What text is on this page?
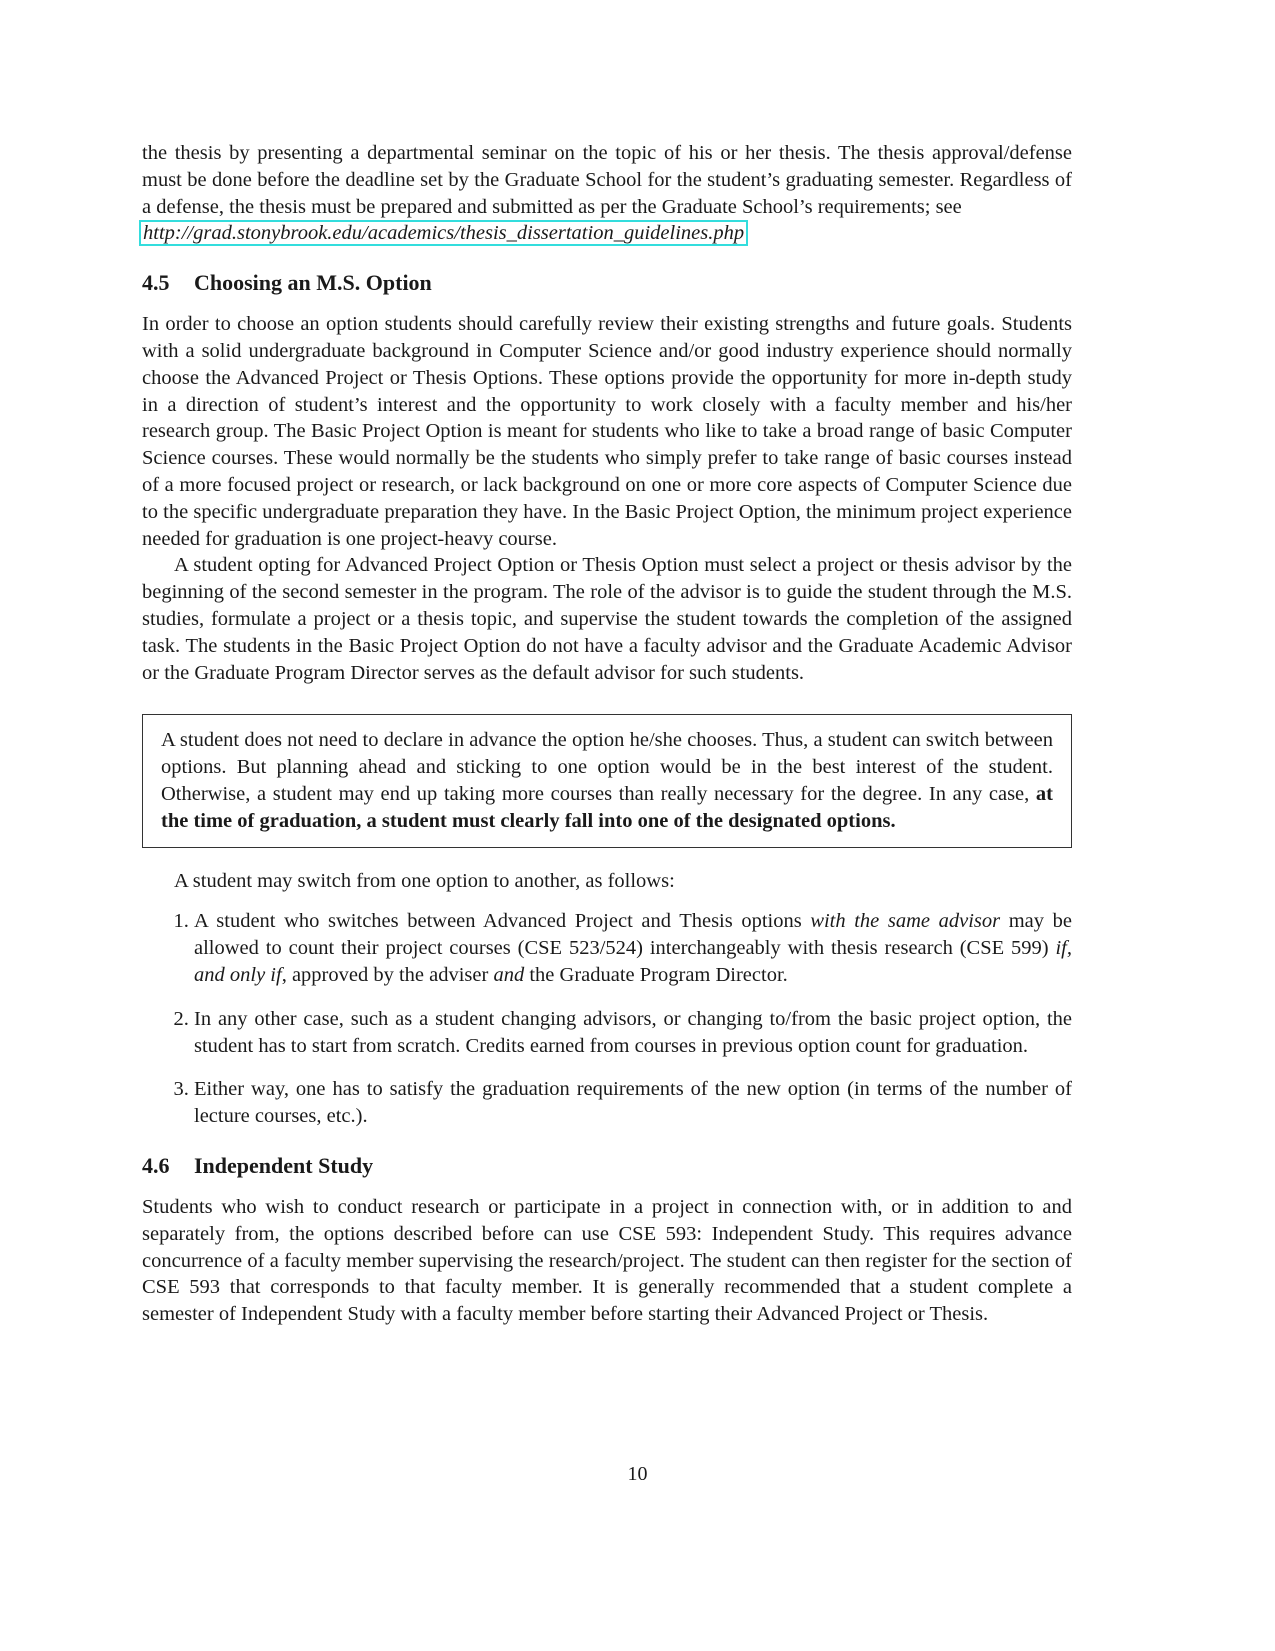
the thesis by presenting a departmental seminar on the topic of his or her thesis. The thesis approval/defense must be done before the deadline set by the Graduate School for the student’s graduating semester. Regardless of a defense, the thesis must be prepared and submitted as per the Graduate School’s requirements; see
http://grad.stonybrook.edu/academics/thesis_dissertation_guidelines.php

4.5 Choosing an M.S. Option

In order to choose an option students should carefully review their existing strengths and future goals. Students with a solid undergraduate background in Computer Science and/or good industry experience should normally choose the Advanced Project or Thesis Options. These options provide the opportunity for more in-depth study in a direction of student’s interest and the opportunity to work closely with a faculty member and his/her research group. The Basic Project Option is meant for students who like to take a broad range of basic Computer Science courses. These would normally be the students who simply prefer to take range of basic courses instead of a more focused project or research, or lack background on one or more core aspects of Computer Science due to the specific undergraduate preparation they have. In the Basic Project Option, the minimum project experience needed for graduation is one project-heavy course.

A student opting for Advanced Project Option or Thesis Option must select a project or thesis advisor by the beginning of the second semester in the program. The role of the advisor is to guide the student through the M.S. studies, formulate a project or a thesis topic, and supervise the student towards the completion of the assigned task. The students in the Basic Project Option do not have a faculty advisor and the Graduate Academic Advisor or the Graduate Program Director serves as the default advisor for such students.

A student does not need to declare in advance the option he/she chooses. Thus, a student can switch between options. But planning ahead and sticking to one option would be in the best interest of the student. Otherwise, a student may end up taking more courses than really necessary for the degree. In any case, at the time of graduation, a student must clearly fall into one of the designated options.

A student may switch from one option to another, as follows:

1. A student who switches between Advanced Project and Thesis options with the same advisor may be allowed to count their project courses (CSE 523/524) interchangeably with thesis research (CSE 599) if, and only if, approved by the adviser and the Graduate Program Director.
2. In any other case, such as a student changing advisors, or changing to/from the basic project option, the student has to start from scratch. Credits earned from courses in previous option count for graduation.
3. Either way, one has to satisfy the graduation requirements of the new option (in terms of the number of lecture courses, etc.).
4.6 Independent Study

Students who wish to conduct research or participate in a project in connection with, or in addition to and separately from, the options described before can use CSE 593: Independent Study. This requires advance concurrence of a faculty member supervising the research/project. The student can then register for the section of CSE 593 that corresponds to that faculty member. It is generally recommended that a student complete a semester of Independent Study with a faculty member before starting their Advanced Project or Thesis.

10
